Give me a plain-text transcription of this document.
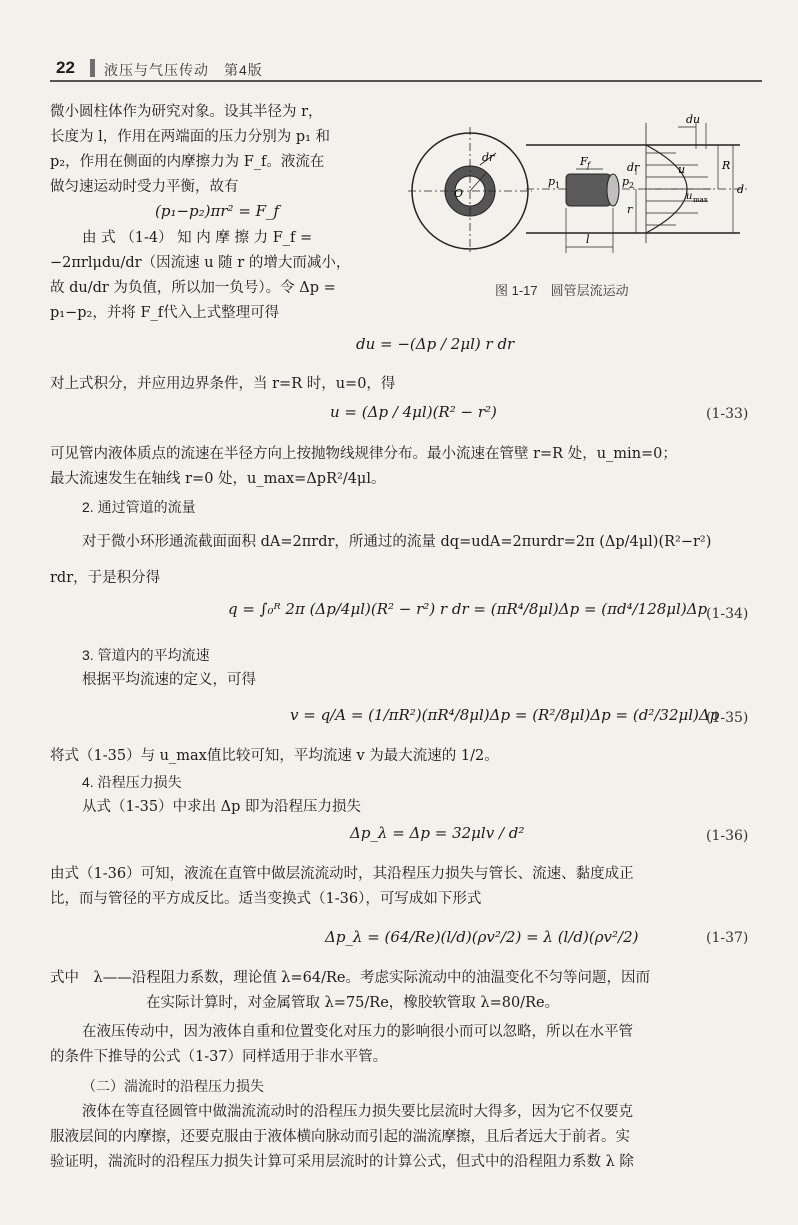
22 液压与气压传动　第4版
微小圆柱体作为研究对象。设其半径为 r，
长度为 l，作用在两端面的压力分别为 p₁ 和
p₂，作用在侧面的内摩擦力为 F_f。液流在
做匀速运动时受力平衡，故有
(p₁−p₂)πr² = F_f
由 式 （1-4） 知 内 摩 擦 力 F_f =
−2πrlμdu/dr（因流速 u 随 r 的增大而减小，
故 du/dr 为负值，所以加一负号）。令 Δp =
p₁−p₂，并将 F_f代入上式整理可得
dr
O
du
dr
F f
p 1	p 2
u	R
d
r
u max
l
图 1-17　圆管层流运动
du = −(Δp / 2μl) r dr
对上式积分，并应用边界条件，当 r=R 时，u=0，得
u = (Δp / 4μl)(R² − r²)	(1-33)
可见管内液体质点的流速在半径方向上按抛物线规律分布。最小流速在管壁 r=R 处，u_min=0；
最大流速发生在轴线 r=0 处，u_max=ΔpR²/4μl。
2. 通过管道的流量
对于微小环形通流截面面积 dA=2πrdr，所通过的流量 dq=udA=2πurdr=2π (Δp/4μl)(R²−r²)
rdr，于是积分得
q = ∫₀ᴿ 2π (Δp/4μl)(R² − r²) r dr = (πR⁴/8μl)Δp = (πd⁴/128μl)Δp
(1-34)
3. 管道内的平均流速
根据平均流速的定义，可得
v = q/A = (1/πR²)(πR⁴/8μl)Δp = (R²/8μl)Δp = (d²/32μl)Δp
(1-35)
将式（1-35）与 u_max值比较可知，平均流速 v 为最大流速的 1/2。
4. 沿程压力损失
从式（1-35）中求出 Δp 即为沿程压力损失
Δp_λ = Δp = 32μlv / d²	(1-36)
由式（1-36）可知，液流在直管中做层流流动时，其沿程压力损失与管长、流速、黏度成正
比，而与管径的平方成反比。适当变换式（1-36），可写成如下形式
Δp_λ = (64/Re)(l/d)(ρv²/2) = λ (l/d)(ρv²/2)	(1-37)
式中　λ——沿程阻力系数，理论值 λ=64/Re。考虑实际流动中的油温变化不匀等问题，因而
在实际计算时，对金属管取 λ=75/Re，橡胶软管取 λ=80/Re。
在液压传动中，因为液体自重和位置变化对压力的影响很小而可以忽略，所以在水平管
的条件下推导的公式（1-37）同样适用于非水平管。
（二）湍流时的沿程压力损失
液体在等直径圆管中做湍流流动时的沿程压力损失要比层流时大得多，因为它不仅要克
服液层间的内摩擦，还要克服由于液体横向脉动而引起的湍流摩擦，且后者远大于前者。实
验证明，湍流时的沿程压力损失计算可采用层流时的计算公式，但式中的沿程阻力系数 λ 除
